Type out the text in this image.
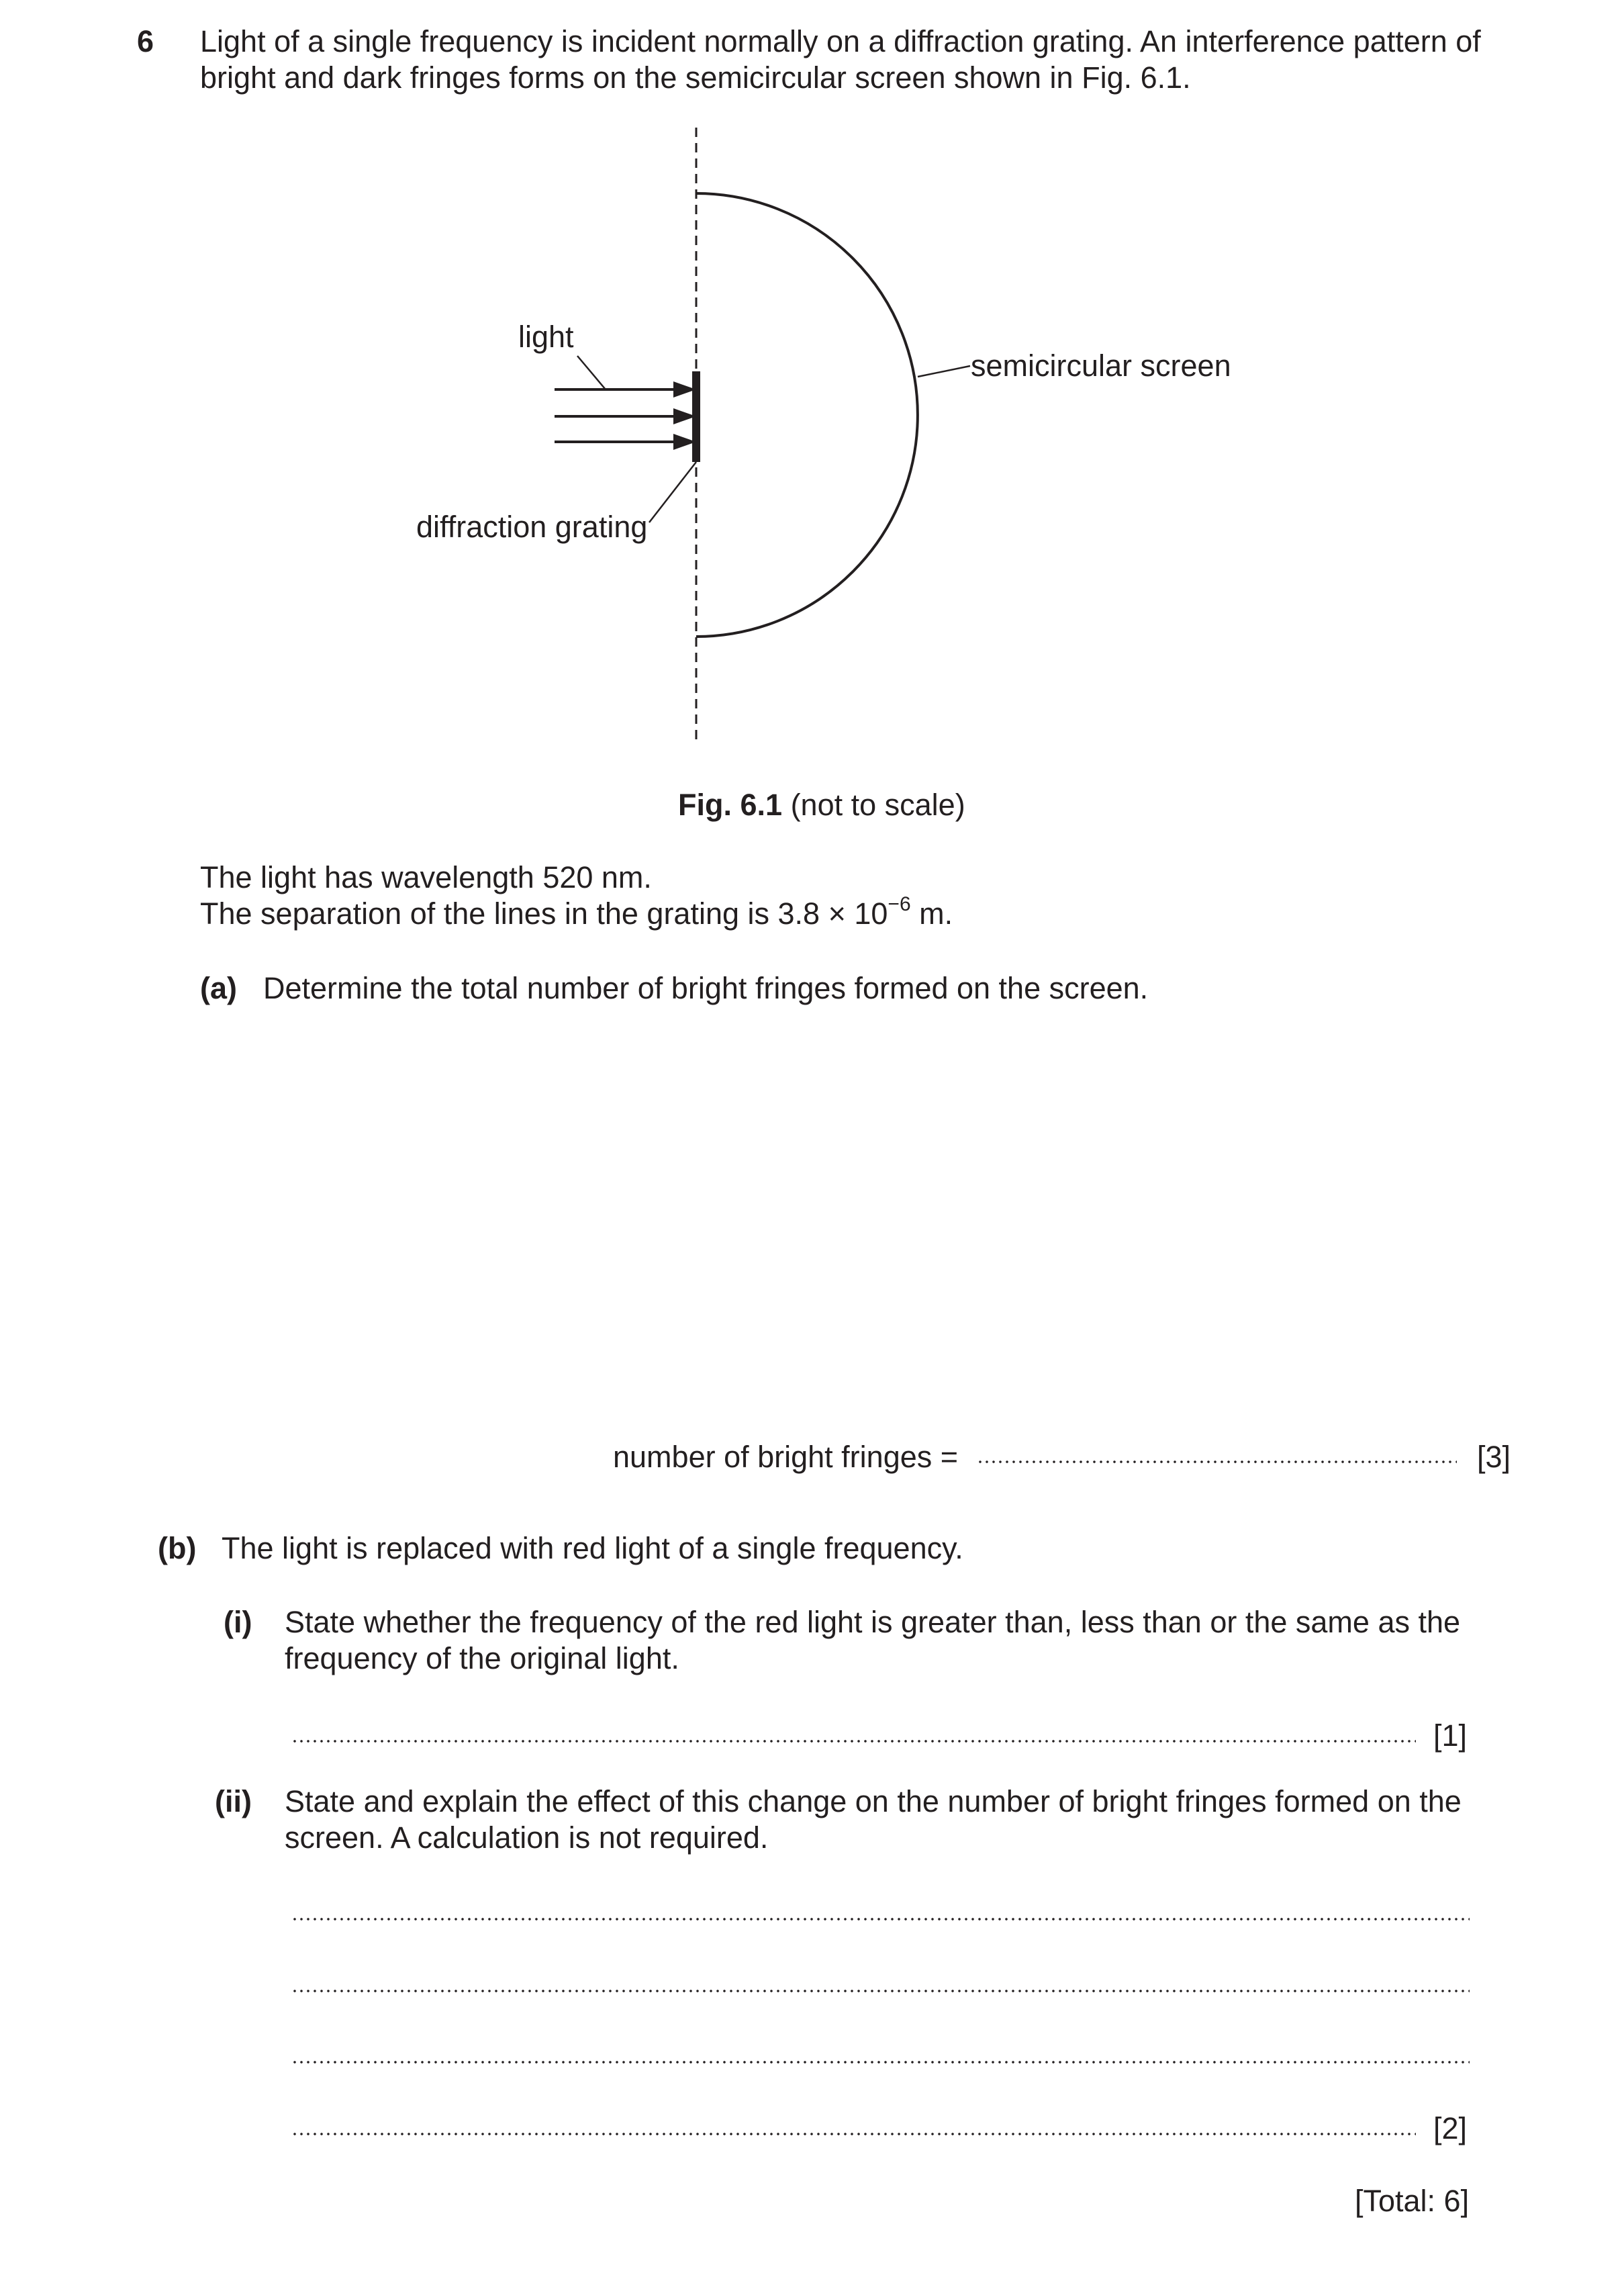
6 Light of a single frequency is incident normally on a diffraction grating. An interference pattern of
bright and dark fringes forms on the semicircular screen shown in Fig. 6.1.
light
semicircular screen
diffraction grating
Fig. 6.1 (not to scale)
The light has wavelength 520 nm.
The separation of the lines in the grating is $3.8 \times 10^{-6}$ m.
(a) Determine the total number of bright fringes formed on the screen.
number of bright fringes =	[3]
(b) The light is replaced with red light of a single frequency.
(i) State whether the frequency of the red light is greater than, less than or the same as the
frequency of the original light.
[1]
(ii) State and explain the effect of this change on the number of bright fringes formed on the
screen. A calculation is not required.
[2]
[Total: 6]
